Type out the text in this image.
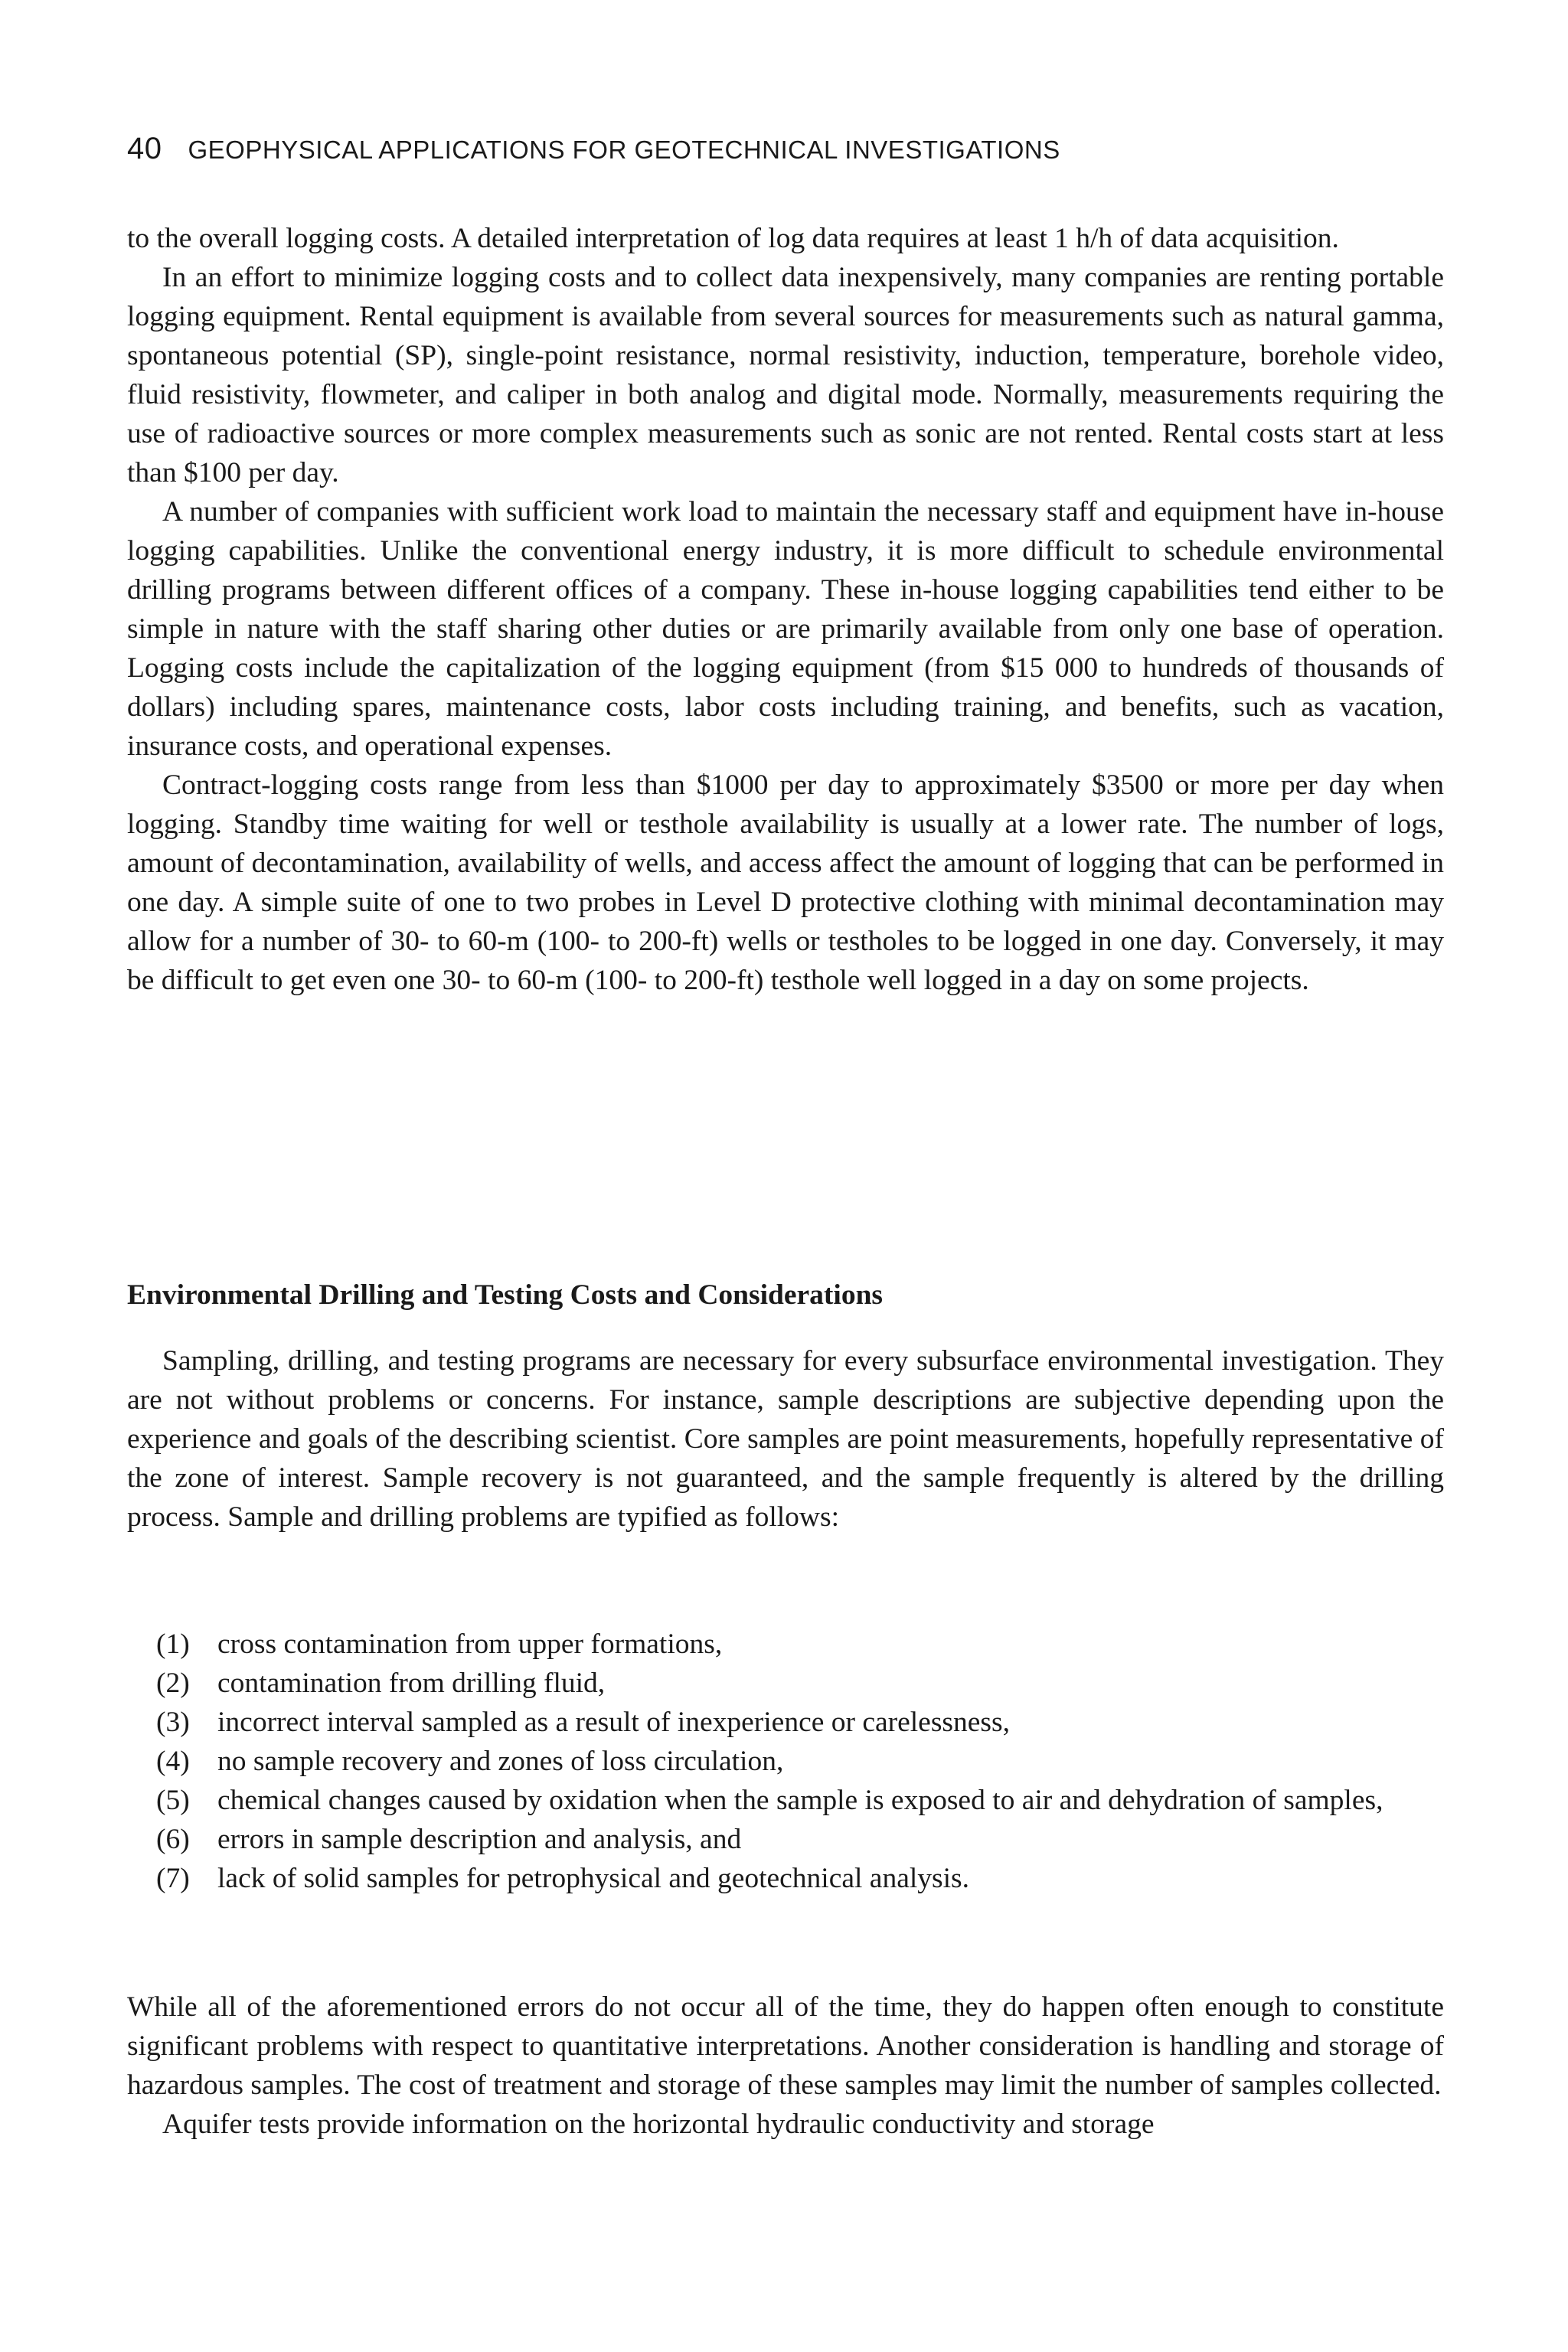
40 GEOPHYSICAL APPLICATIONS FOR GEOTECHNICAL INVESTIGATIONS

to the overall logging costs. A detailed interpretation of log data requires at least 1 h/h of data acquisition.

In an effort to minimize logging costs and to collect data inexpensively, many companies are renting portable logging equipment. Rental equipment is available from several sources for measurements such as natural gamma, spontaneous potential (SP), single-point resistance, normal resistivity, induction, temperature, borehole video, fluid resistivity, flowmeter, and caliper in both analog and digital mode. Normally, measurements requiring the use of radioactive sources or more complex measurements such as sonic are not rented. Rental costs start at less than $100 per day.

A number of companies with sufficient work load to maintain the necessary staff and equipment have in-house logging capabilities. Unlike the conventional energy industry, it is more difficult to schedule environmental drilling programs between different offices of a company. These in-house logging capabilities tend either to be simple in nature with the staff sharing other duties or are primarily available from only one base of operation. Logging costs include the capitalization of the logging equipment (from $15 000 to hundreds of thousands of dollars) including spares, maintenance costs, labor costs including training, and benefits, such as vacation, insurance costs, and operational expenses.

Contract-logging costs range from less than $1000 per day to approximately $3500 or more per day when logging. Standby time waiting for well or testhole availability is usually at a lower rate. The number of logs, amount of decontamination, availability of wells, and access affect the amount of logging that can be performed in one day. A simple suite of one to two probes in Level D protective clothing with minimal decontamination may allow for a number of 30- to 60-m (100- to 200-ft) wells or testholes to be logged in one day. Conversely, it may be difficult to get even one 30- to 60-m (100- to 200-ft) testhole well logged in a day on some projects.

Environmental Drilling and Testing Costs and Considerations

Sampling, drilling, and testing programs are necessary for every subsurface environmental investigation. They are not without problems or concerns. For instance, sample descriptions are subjective depending upon the experience and goals of the describing scientist. Core samples are point measurements, hopefully representative of the zone of interest. Sample recovery is not guaranteed, and the sample frequently is altered by the drilling process. Sample and drilling problems are typified as follows:

(1) cross contamination from upper formations,
(2) contamination from drilling fluid,
(3) incorrect interval sampled as a result of inexperience or carelessness,
(4) no sample recovery and zones of loss circulation,
(5) chemical changes caused by oxidation when the sample is exposed to air and dehydration of samples,
(6) errors in sample description and analysis, and
(7) lack of solid samples for petrophysical and geotechnical analysis.

While all of the aforementioned errors do not occur all of the time, they do happen often enough to constitute significant problems with respect to quantitative interpretations. Another consideration is handling and storage of hazardous samples. The cost of treatment and storage of these samples may limit the number of samples collected.

Aquifer tests provide information on the horizontal hydraulic conductivity and storage
